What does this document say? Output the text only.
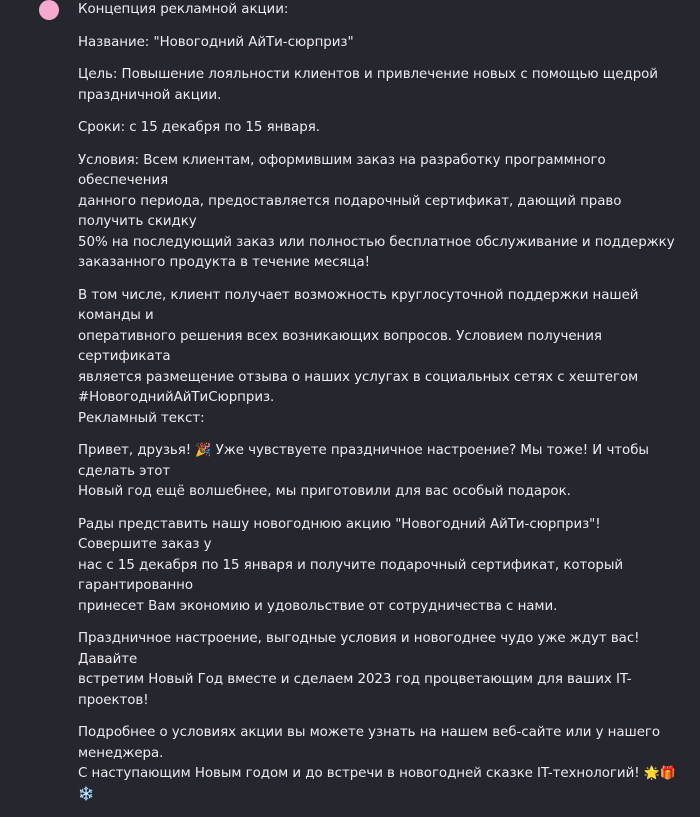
Концепция рекламной акции:

Название: "Новогодний АйТи-сюрприз"

Цель: Повышение лояльности клиентов и привлечение новых с помощью щедрой
праздничной акции.

Сроки: с 15 декабря по 15 января.

Условия: Всем клиентам, оформившим заказ на разработку программного обеспечения
данного периода, предоставляется подарочный сертификат, дающий право получить скидку
50% на последующий заказ или полностью бесплатное обслуживание и поддержку
заказанного продукта в течение месяца!

В том числе, клиент получает возможность круглосуточной поддержки нашей команды и
оперативного решения всех возникающих вопросов. Условием получения сертификата
является размещение отзыва о наших услугах в социальных сетях с хештегом
#НовогоднийАйТиСюрприз.

Рекламный текст:

Привет, друзья! 🎉 Уже чувствуете праздничное настроение? Мы тоже! И чтобы сделать этот
Новый год ещё волшебнее, мы приготовили для вас особый подарок.

Рады представить нашу новогоднюю акцию "Новогодний АйТи-сюрприз"! Совершите заказ у
нас с 15 декабря по 15 января и получите подарочный сертификат, который гарантированно
принесет Вам экономию и удовольствие от сотрудничества с нами.

Праздничное настроение, выгодные условия и новогоднее чудо уже ждут вас! Давайте
встретим Новый Год вместе и сделаем 2023 год процветающим для ваших IT-проектов!

Подробнее о условиях акции вы можете узнать на нашем веб-сайте или у нашего менеджера.
С наступающим Новым годом и до встречи в новогодней сказке IT-технологий! 🌟🎁 ❄️
